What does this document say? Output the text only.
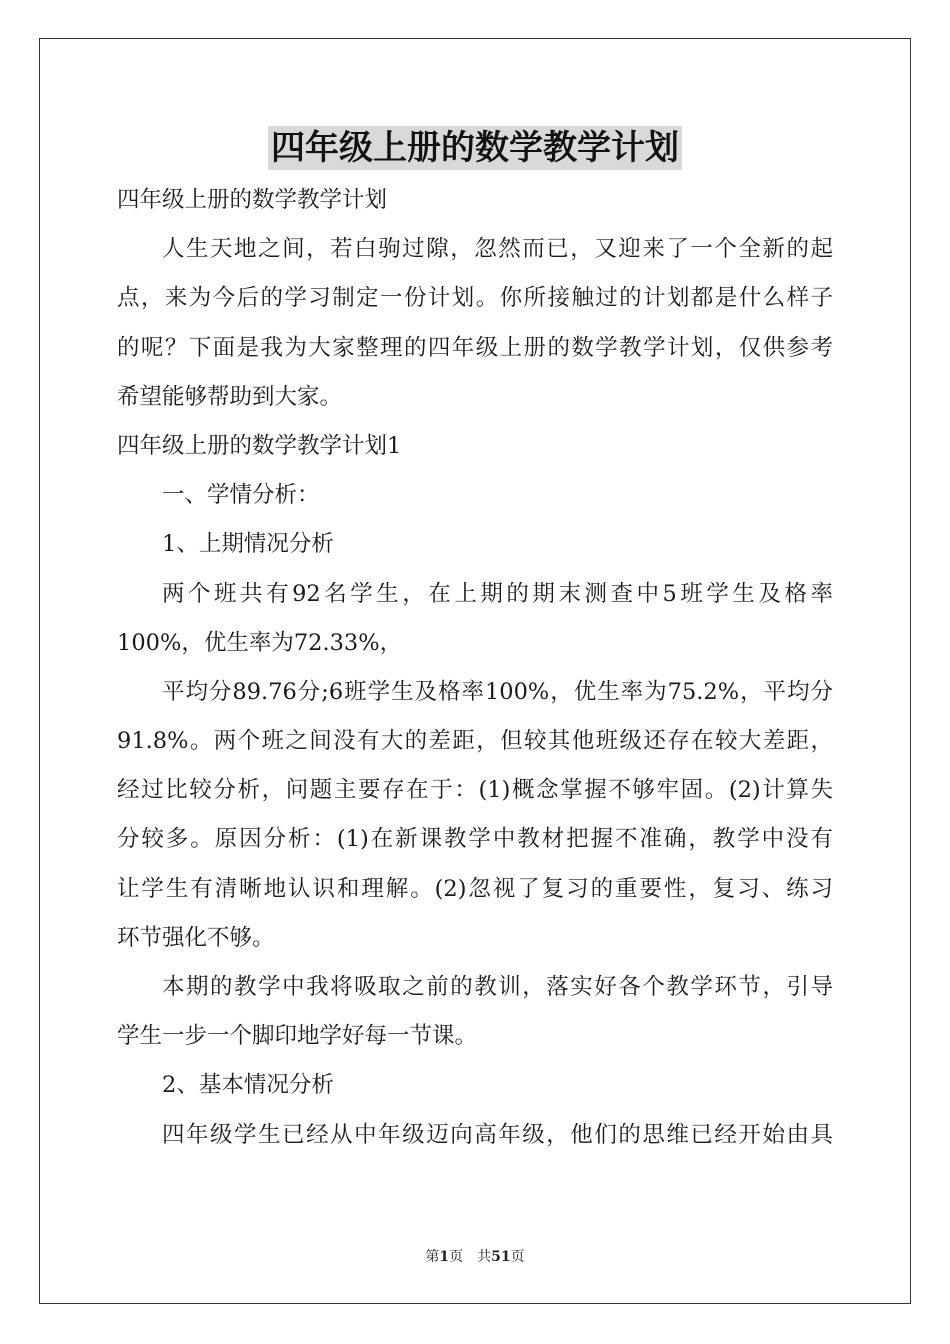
四年级上册的数学教学计划
四年级上册的数学教学计划
人生天地之间，若白驹过隙，忽然而已，又迎来了一个全新的起
点，来为今后的学习制定一份计划。你所接触过的计划都是什么样子
的呢？下面是我为大家整理的四年级上册的数学教学计划，仅供参考
希望能够帮助到大家。
四年级上册的数学教学计划1
一、学情分析：
1、上期情况分析
两个班共有92名学生，在上期的期末测查中5班学生及格率
100%，优生率为72.33%，
平均分89.76分;6班学生及格率100%，优生率为75.2%，平均分
91.8%。两个班之间没有大的差距，但较其他班级还存在较大差距，
经过比较分析，问题主要存在于：(1)概念掌握不够牢固。(2)计算失
分较多。原因分析：(1)在新课教学中教材把握不准确，教学中没有
让学生有清晰地认识和理解。(2)忽视了复习的重要性，复习、练习
环节强化不够。
本期的教学中我将吸取之前的教训，落实好各个教学环节，引导
学生一步一个脚印地学好每一节课。
2、基本情况分析
四年级学生已经从中年级迈向高年级，他们的思维已经开始由具
第1页　共51页
